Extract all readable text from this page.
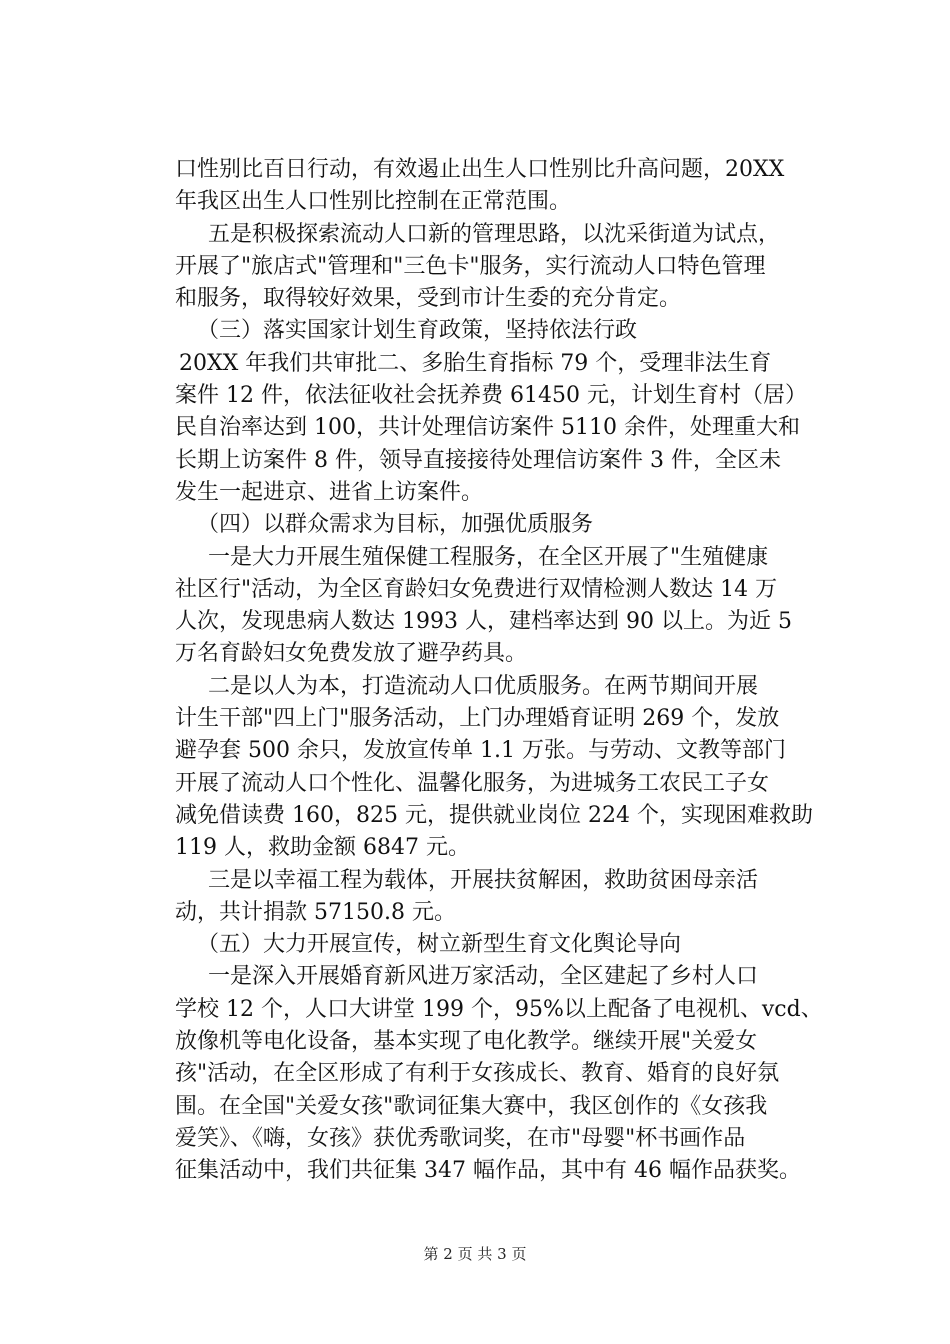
口性别比百日行动，有效遏止出生人口性别比升高问题，20XX
年我区出生人口性别比控制在正常范围。
　五是积极探索流动人口新的管理思路，以沈采街道为试点，
开展了"旅店式"管理和"三色卡"服务，实行流动人口特色管理
和服务，取得较好效果，受到市计生委的充分肯定。
　（三）落实国家计划生育政策，坚持依法行政
20XX 年我们共审批二、多胎生育指标 79 个，受理非法生育
案件 12 件，依法征收社会抚养费 61450 元，计划生育村（居）
民自治率达到 100，共计处理信访案件 5110 余件，处理重大和
长期上访案件 8 件，领导直接接待处理信访案件 3 件，全区未
发生一起进京、进省上访案件。
　（四）以群众需求为目标，加强优质服务
　一是大力开展生殖保健工程服务，在全区开展了"生殖健康
社区行"活动，为全区育龄妇女免费进行双情检测人数达 14 万
人次，发现患病人数达 1993 人，建档率达到 90 以上。为近 5
万名育龄妇女免费发放了避孕药具。
　二是以人为本，打造流动人口优质服务。在两节期间开展
计生干部"四上门"服务活动，上门办理婚育证明 269 个，发放
避孕套 500 余只，发放宣传单 1.1 万张。与劳动、文教等部门
开展了流动人口个性化、温馨化服务，为进城务工农民工子女
减免借读费 160，825 元，提供就业岗位 224 个，实现困难救助
119 人，救助金额 6847 元。
　三是以幸福工程为载体，开展扶贫解困，救助贫困母亲活
动，共计捐款 57150.8 元。
　（五）大力开展宣传，树立新型生育文化舆论导向
　一是深入开展婚育新风进万家活动，全区建起了乡村人口
学校 12 个，人口大讲堂 199 个，95%以上配备了电视机、vcd、
放像机等电化设备，基本实现了电化教学。继续开展"关爱女
孩"活动，在全区形成了有利于女孩成长、教育、婚育的良好氛
围。在全国"关爱女孩"歌词征集大赛中，我区创作的《女孩我
爱笑》、《嗨，女孩》获优秀歌词奖，在市"母婴"杯书画作品
征集活动中，我们共征集 347 幅作品，其中有 46 幅作品获奖。
第 2 页 共 3 页
